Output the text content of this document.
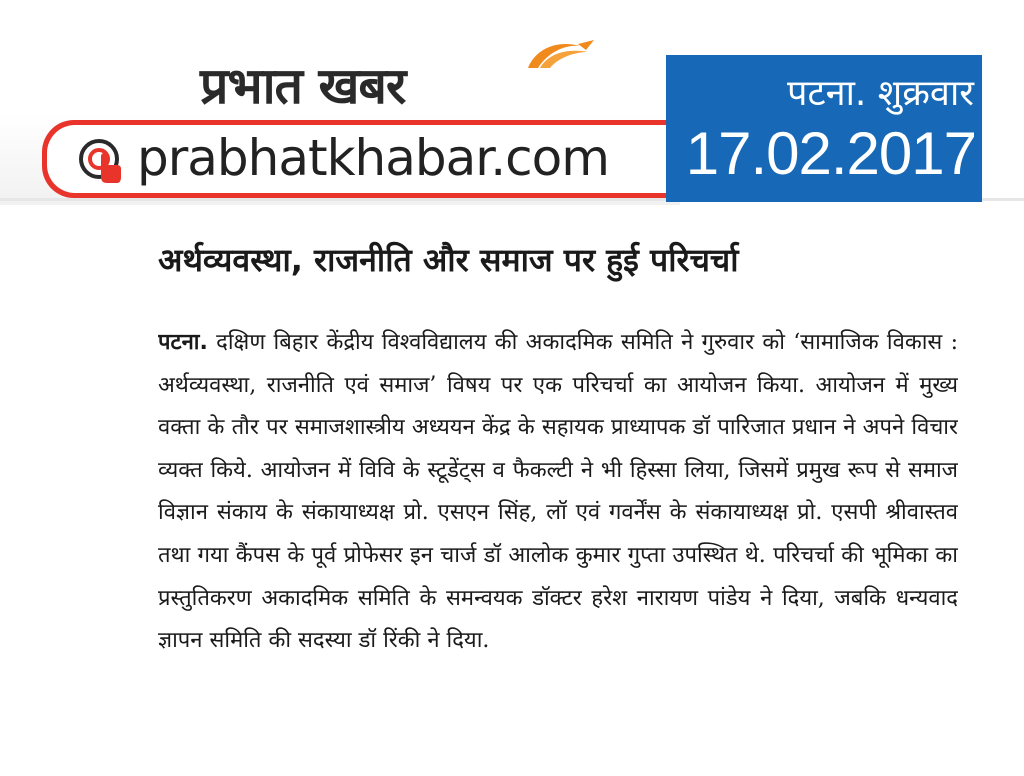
प्रभात खबर
prabhatkhabar.com
पटना. शुक्रवार
17.02.2017
अर्थव्यवस्था, राजनीति और समाज पर हुई परिचर्चा
पटना. दक्षिण बिहार केंद्रीय विश्वविद्यालय की अकादमिक समिति ने गुरुवार को ‘सामाजिक विकास : अर्थव्यवस्था, राजनीति एवं समाज’ विषय पर एक परिचर्चा का आयोजन किया. आयोजन में मुख्य वक्ता के तौर पर समाजशास्त्रीय अध्ययन केंद्र के सहायक प्राध्यापक डॉ पारिजात प्रधान ने अपने विचार व्यक्त किये. आयोजन में विवि के स्टूडेंट्स व फैकल्टी ने भी हिस्सा लिया, जिसमें प्रमुख रूप से समाज विज्ञान संकाय के संकायाध्यक्ष प्रो. एसएन सिंह, लॉ एवं गवर्नेंस के संकायाध्यक्ष प्रो. एसपी श्रीवास्तव तथा गया कैंपस के पूर्व प्रोफेसर इन चार्ज डॉ आलोक कुमार गुप्ता उपस्थित थे. परिचर्चा की भूमिका का प्रस्तुतिकरण अकादमिक समिति के समन्वयक डॉक्टर हरेश नारायण पांडेय ने दिया, जबकि धन्यवाद ज्ञापन समिति की सदस्या डॉ रिंकी ने दिया.
